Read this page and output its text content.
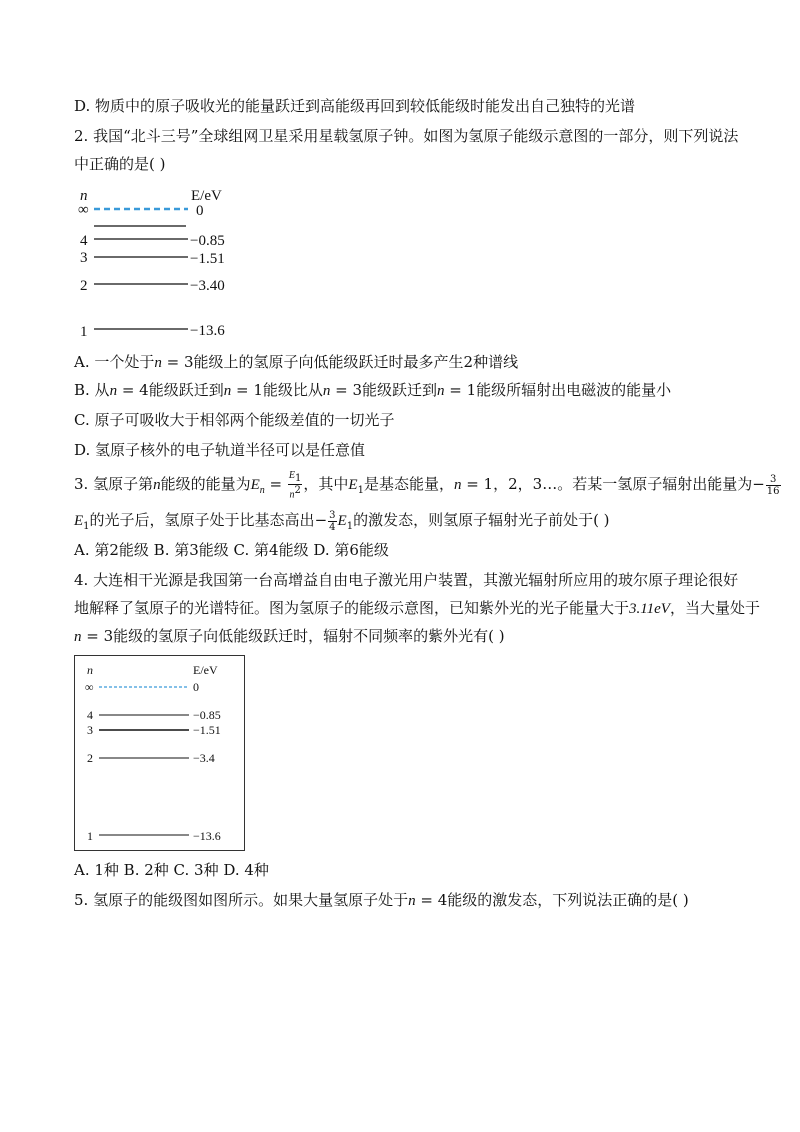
D. 物质中的原子吸收光的能量跃迁到高能级再回到较低能级时能发出自己独特的光谱
2. 我国“北斗三号”全球组网卫星采用星载氢原子钟。如图为氢原子能级示意图的一部分，则下列说法
中正确的是( )
n	E/eV
∞	0
4	−0.85
3	−1.51
2	−3.40
1	−13.6
A. 一个处于n = 3能级上的氢原子向低能级跃迁时最多产生2种谱线
B. 从n = 4能级跃迁到n = 1能级比从n = 3能级跃迁到n = 1能级所辐射出电磁波的能量小
C. 原子可吸收大于相邻两个能级差值的一切光子
D. 氢原子核外的电子轨道半径可以是任意值
3. 氢原子第n能级的能量为$E_n = \frac{E_1}{n^2}$ ，其中$E_1$是基态能量，n = 1，2，3…。若某一氢原子辐射出能量为− $\frac{3}{16}$
$E_1$的光子后，氢原子处于比基态高出− $\frac{3}{4} E_1$的激发态，则氢原子辐射光子前处于( )
A. 第2能级 B. 第3能级 C. 第4能级 D. 第6能级
4. 大连相干光源是我国第一台高增益自由电子激光用户装置，其激光辐射所应用的玻尔原子理论很好
地解释了氢原子的光谱特征。图为氢原子的能级示意图，已知紫外光的光子能量大于3.11eV，当大量处于
n = 3能级的氢原子向低能级跃迁时，辐射不同频率的紫外光有( )
n	E/eV
∞	0
4	−0.85
3	−1.51
2	−3.4
1	−13.6
A. 1种 B. 2种 C. 3种 D. 4种
5. 氢原子的能级图如图所示。如果大量氢原子处于n = 4能级的激发态，下列说法正确的是( )
